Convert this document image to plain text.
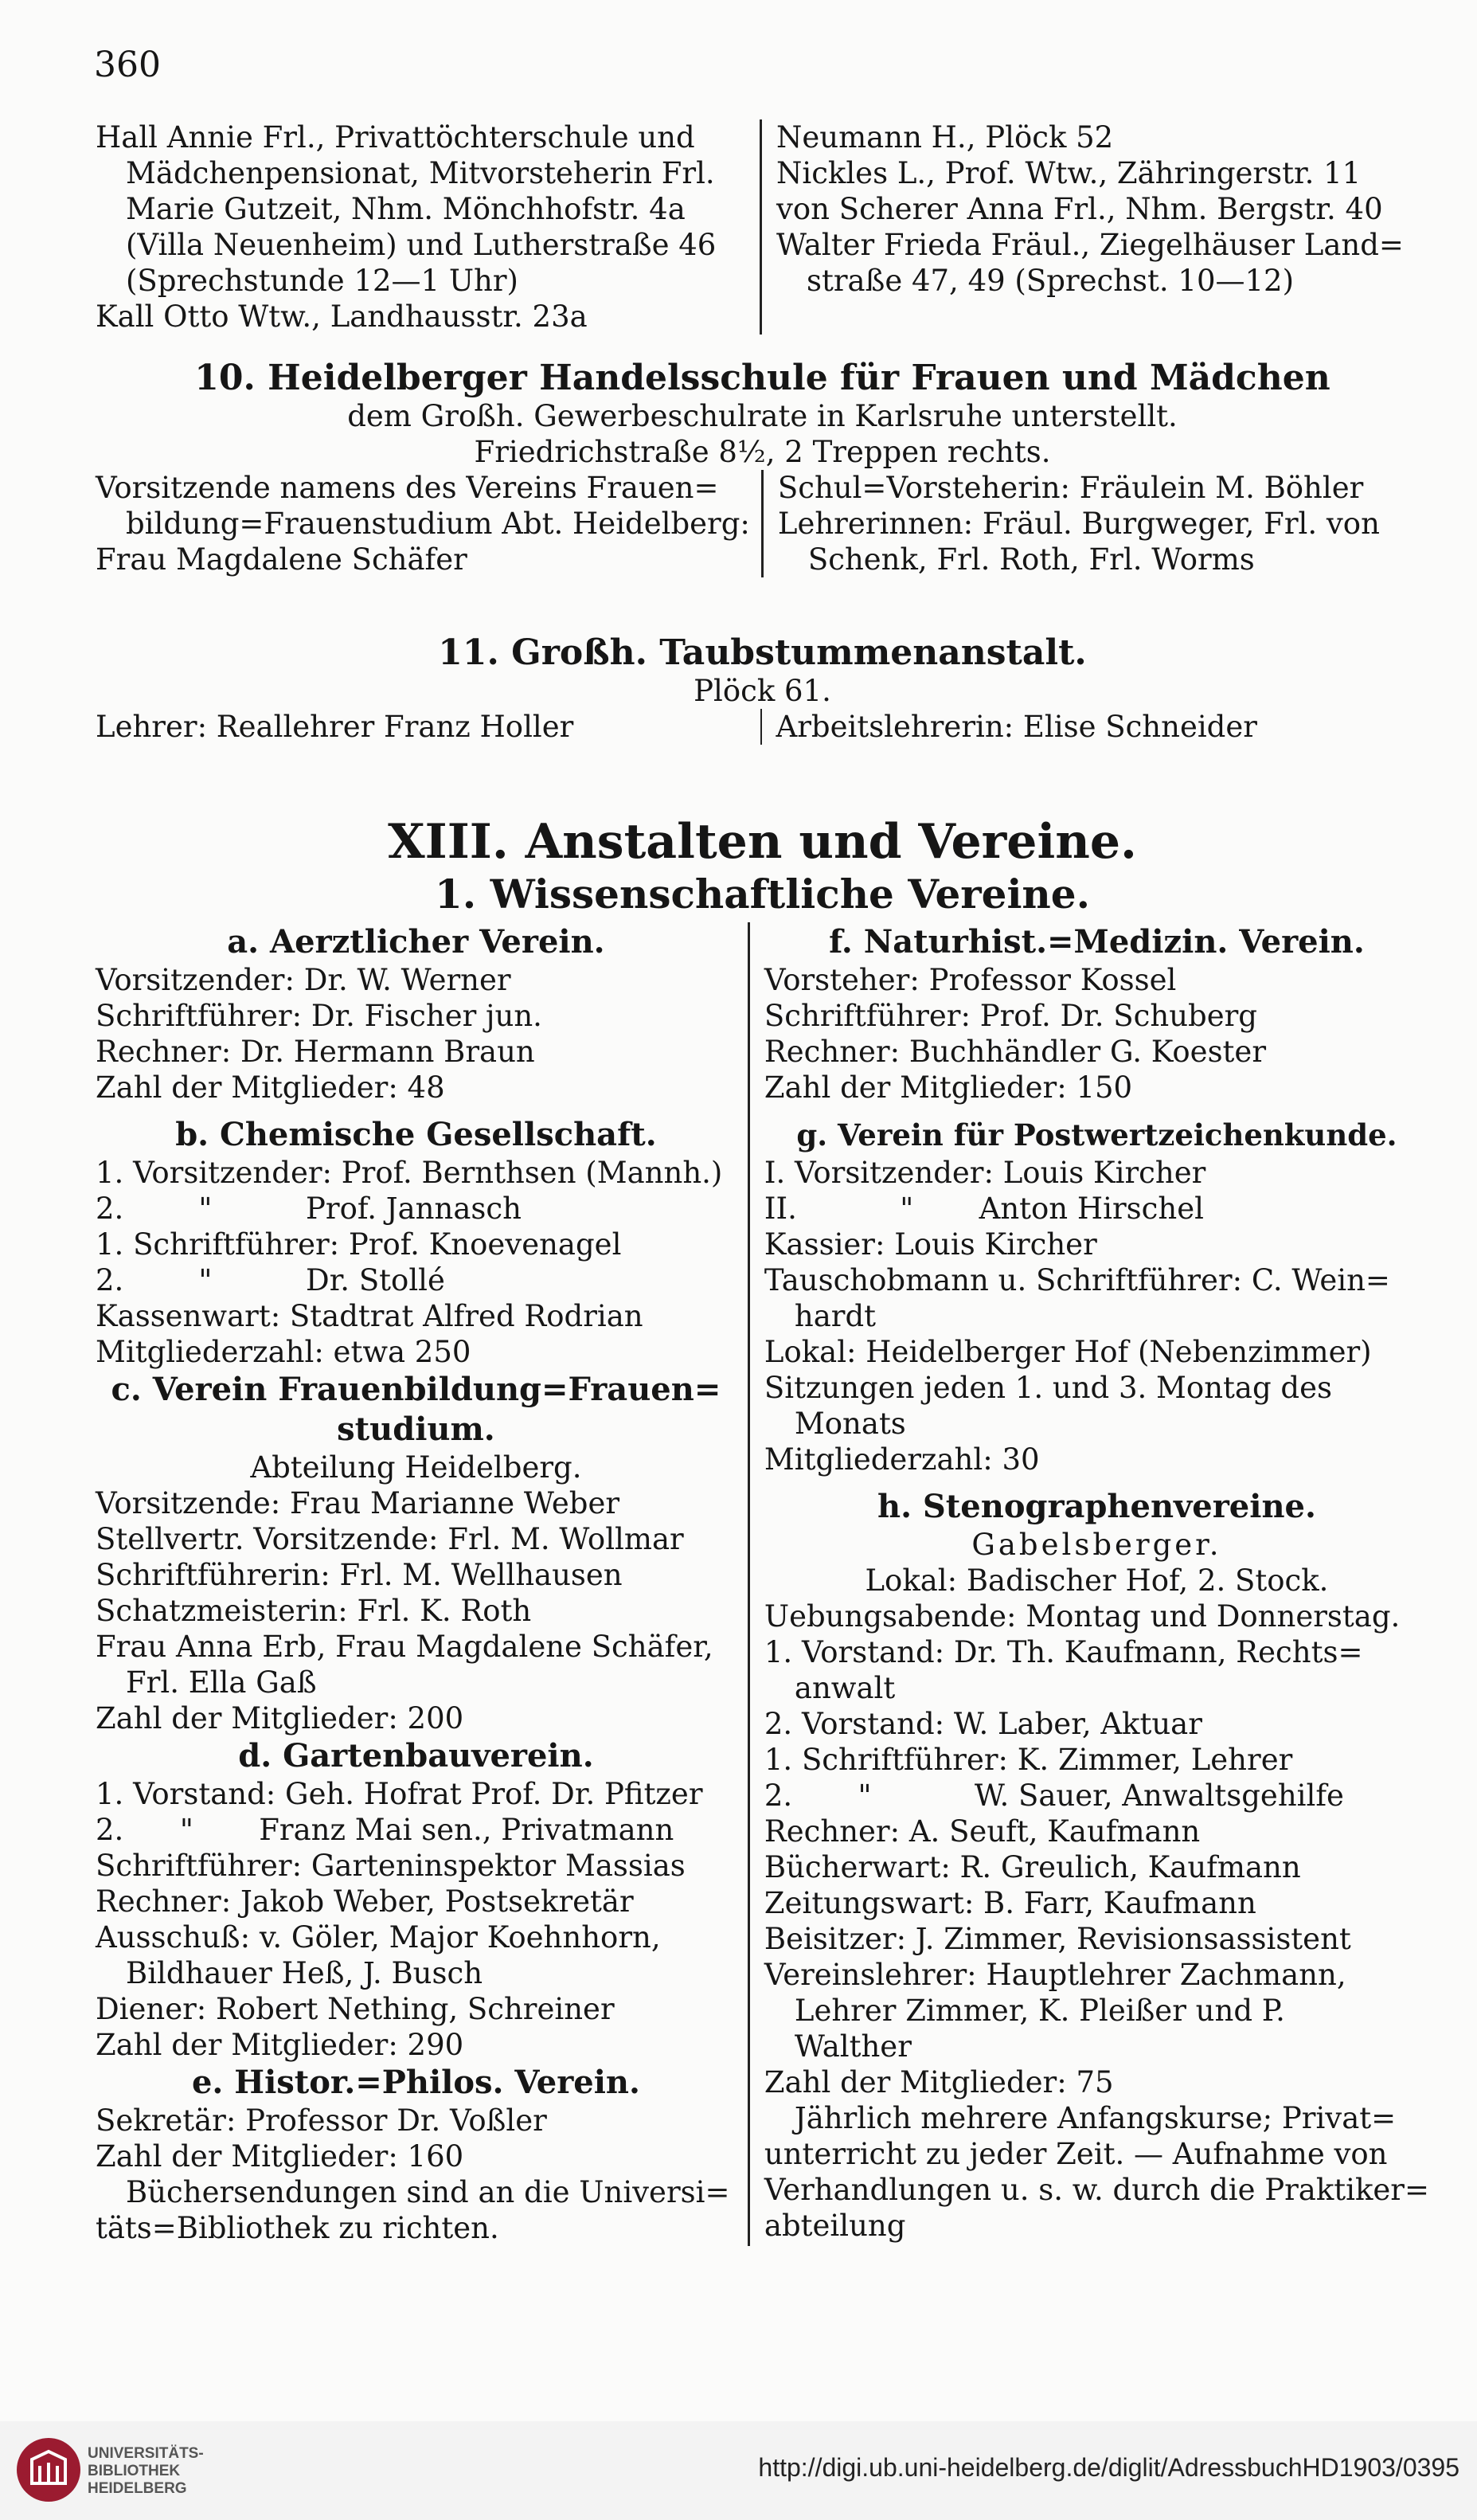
360
Hall Annie Frl., Privattöchterschule und
Mädchenpensionat, Mitvorsteherin Frl.
Marie Gutzeit, Nhm. Mönchhofstr. 4a
(Villa Neuenheim) und Lutherstraße 46
(Sprechstunde 12—1 Uhr)
Kall Otto Wtw., Landhausstr. 23a
Neumann H., Plöck 52
Nickles L., Prof. Wtw., Zähringerstr. 11
von Scherer Anna Frl., Nhm. Bergstr. 40
Walter Frieda Fräul., Ziegelhäuser Land=
straße 47, 49 (Sprechst. 10—12)
10. Heidelberger Handelsschule für Frauen und Mädchen
dem Großh. Gewerbeschulrate in Karlsruhe unterstellt.
Friedrichstraße 8½, 2 Treppen rechts.
Vorsitzende namens des Vereins Frauen=
bildung=Frauenstudium Abt. Heidelberg:
Frau Magdalene Schäfer
Schul=Vorsteherin: Fräulein M. Böhler
Lehrerinnen: Fräul. Burgweger, Frl. von
Schenk, Frl. Roth, Frl. Worms
11. Großh. Taubstummenanstalt.
Plöck 61.
Lehrer: Reallehrer Franz Holler	Arbeitslehrerin: Elise Schneider
XIII. Anstalten und Vereine.
1. Wissenschaftliche Vereine.
a. Aerztlicher Verein.
Vorsitzender: Dr. W. Werner
Schriftführer: Dr. Fischer jun.
Rechner: Dr. Hermann Braun
Zahl der Mitglieder: 48
b. Chemische Gesellschaft.
1. Vorsitzender: Prof. Bernthsen (Mannh.)
2.        "          Prof. Jannasch
1. Schriftführer: Prof. Knoevenagel
2.        "          Dr. Stollé
Kassenwart: Stadtrat Alfred Rodrian
Mitgliederzahl: etwa 250
c. Verein Frauenbildung=Frauen=
studium.
Abteilung Heidelberg.
Vorsitzende: Frau Marianne Weber
Stellvertr. Vorsitzende: Frl. M. Wollmar
Schriftführerin: Frl. M. Wellhausen
Schatzmeisterin: Frl. K. Roth
Frau Anna Erb, Frau Magdalene Schäfer,
Frl. Ella Gaß
Zahl der Mitglieder: 200
d. Gartenbauverein.
1. Vorstand: Geh. Hofrat Prof. Dr. Pfitzer
2.      "       Franz Mai sen., Privatmann
Schriftführer: Garteninspektor Massias
Rechner: Jakob Weber, Postsekretär
Ausschuß: v. Göler, Major Koehnhorn,
Bildhauer Heß, J. Busch
Diener: Robert Nething, Schreiner
Zahl der Mitglieder: 290
e. Histor.=Philos. Verein.
Sekretär: Professor Dr. Voßler
Zahl der Mitglieder: 160
Büchersendungen sind an die Universi=
täts=Bibliothek zu richten.
f. Naturhist.=Medizin. Verein.
Vorsteher: Professor Kossel
Schriftführer: Prof. Dr. Schuberg
Rechner: Buchhändler G. Koester
Zahl der Mitglieder: 150
g. Verein für Postwertzeichenkunde.
I. Vorsitzender: Louis Kircher
II.           "       Anton Hirschel
Kassier: Louis Kircher
Tauschobmann u. Schriftführer: C. Wein=
hardt
Lokal: Heidelberger Hof (Nebenzimmer)
Sitzungen jeden 1. und 3. Montag des
Monats
Mitgliederzahl: 30
h. Stenographenvereine.
Gabelsberger.
Lokal: Badischer Hof, 2. Stock.
Uebungsabende: Montag und Donnerstag.
1. Vorstand: Dr. Th. Kaufmann, Rechts=
anwalt
2. Vorstand: W. Laber, Aktuar
1. Schriftführer: K. Zimmer, Lehrer
2.       "           W. Sauer, Anwaltsgehilfe
Rechner: A. Seuft, Kaufmann
Bücherwart: R. Greulich, Kaufmann
Zeitungswart: B. Farr, Kaufmann
Beisitzer: J. Zimmer, Revisionsassistent
Vereinslehrer: Hauptlehrer Zachmann,
Lehrer Zimmer, K. Pleißer und P.
Walther
Zahl der Mitglieder: 75
Jährlich mehrere Anfangskurse; Privat=
unterricht zu jeder Zeit. — Aufnahme von
Verhandlungen u. s. w. durch die Praktiker=
abteilung
UNIVERSITÄTS-
BIBLIOTHEK
HEIDELBERG
http://digi.ub.uni-heidelberg.de/diglit/AdressbuchHD1903/0395
